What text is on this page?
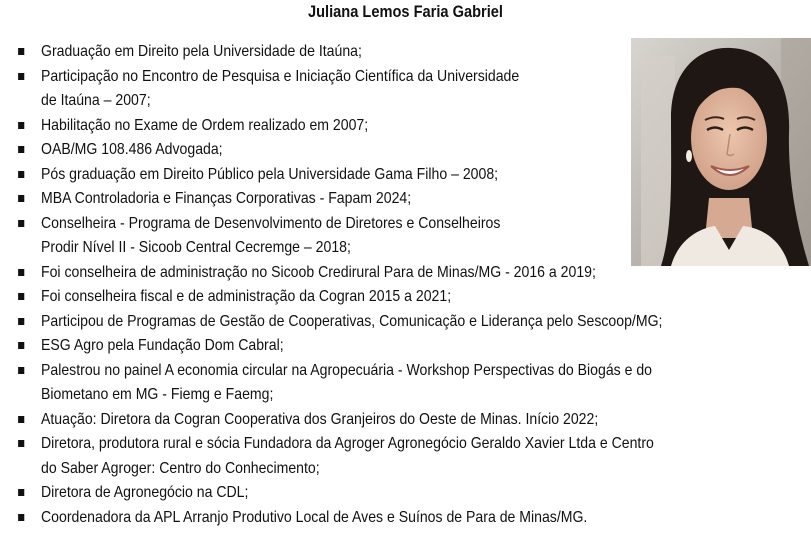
Juliana Lemos Faria Gabriel
Graduação em Direito pela Universidade de Itaúna;
Participação no Encontro de Pesquisa e Iniciação Científica da Universidade
de Itaúna – 2007;
Habilitação no Exame de Ordem realizado em 2007;
OAB/MG 108.486 Advogada;
Pós graduação em Direito Público pela Universidade Gama Filho – 2008;
MBA Controladoria e Finanças Corporativas - Fapam 2024;
Conselheira - Programa de Desenvolvimento de Diretores e Conselheiros
Prodir Nível II - Sicoob Central Cecremge – 2018;
Foi conselheira de administração no Sicoob Credirural Para de Minas/MG - 2016 a 2019;
Foi conselheira fiscal e de administração da Cogran 2015 a 2021;
Participou de Programas de Gestão de Cooperativas, Comunicação e Liderança pelo Sescoop/MG;
ESG Agro pela Fundação Dom Cabral;
Palestrou no painel A economia circular na Agropecuária - Workshop Perspectivas do Biogás e do
Biometano em MG - Fiemg e Faemg;
Atuação: Diretora da Cogran Cooperativa dos Granjeiros do Oeste de Minas. Início 2022;
Diretora, produtora rural e sócia Fundadora da Agroger Agronegócio Geraldo Xavier Ltda e Centro
do Saber Agroger: Centro do Conhecimento;
Diretora de Agronegócio na CDL;
Coordenadora da APL Arranjo Produtivo Local de Aves e Suínos de Para de Minas/MG.
